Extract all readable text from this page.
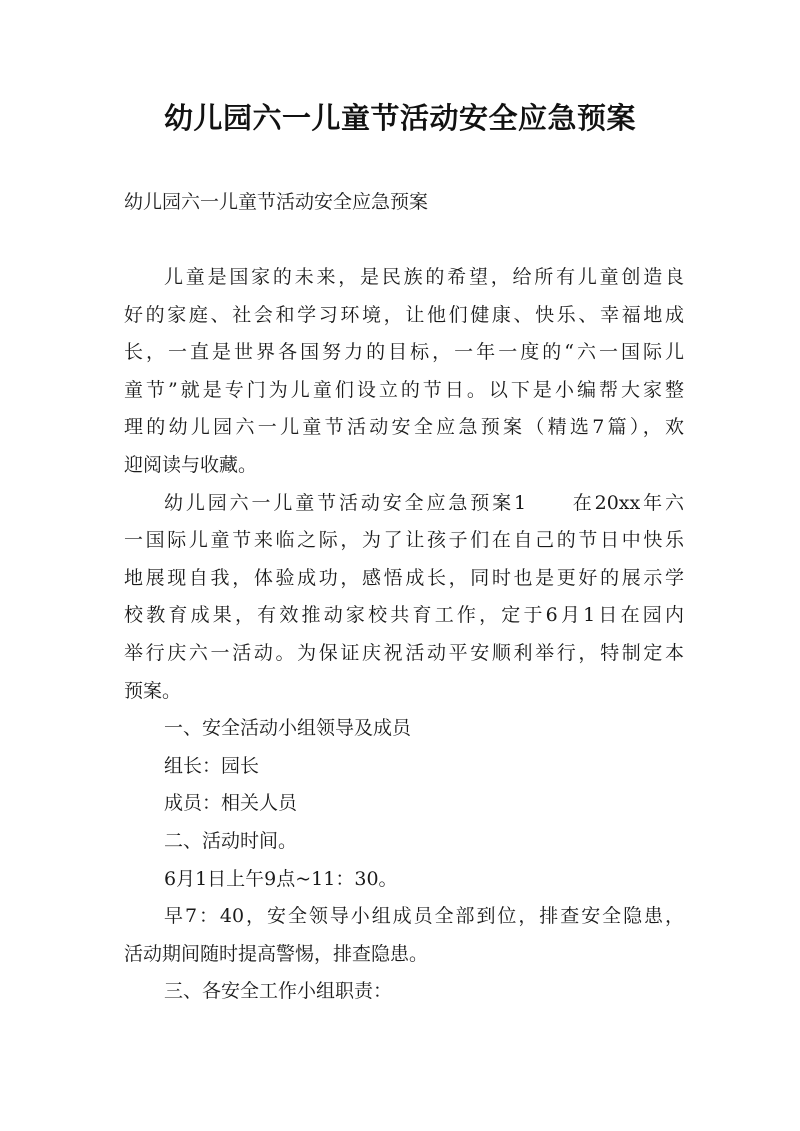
幼儿园六一儿童节活动安全应急预案
幼儿园六一儿童节活动安全应急预案
儿童是国家的未来，是民族的希望，给所有儿童创造良
好的家庭、社会和学习环境，让他们健康、快乐、幸福地成
长，一直是世界各国努力的目标，一年一度的“六一国际儿
童节”就是专门为儿童们设立的节日。以下是小编帮大家整
理的幼儿园六一儿童节活动安全应急预案（精选7篇），欢
迎阅读与收藏。
幼儿园六一儿童节活动安全应急预案1　　在20xx年六
一国际儿童节来临之际，为了让孩子们在自己的节日中快乐
地展现自我，体验成功，感悟成长，同时也是更好的展示学
校教育成果，有效推动家校共育工作，定于6月1日在园内
举行庆六一活动。为保证庆祝活动平安顺利举行，特制定本
预案。
一、安全活动小组领导及成员
组长：园长
成员：相关人员
二、活动时间。
6月1日上午9点~11：30。
早7：40，安全领导小组成员全部到位，排查安全隐患，
活动期间随时提高警惕，排查隐患。
三、各安全工作小组职责：
